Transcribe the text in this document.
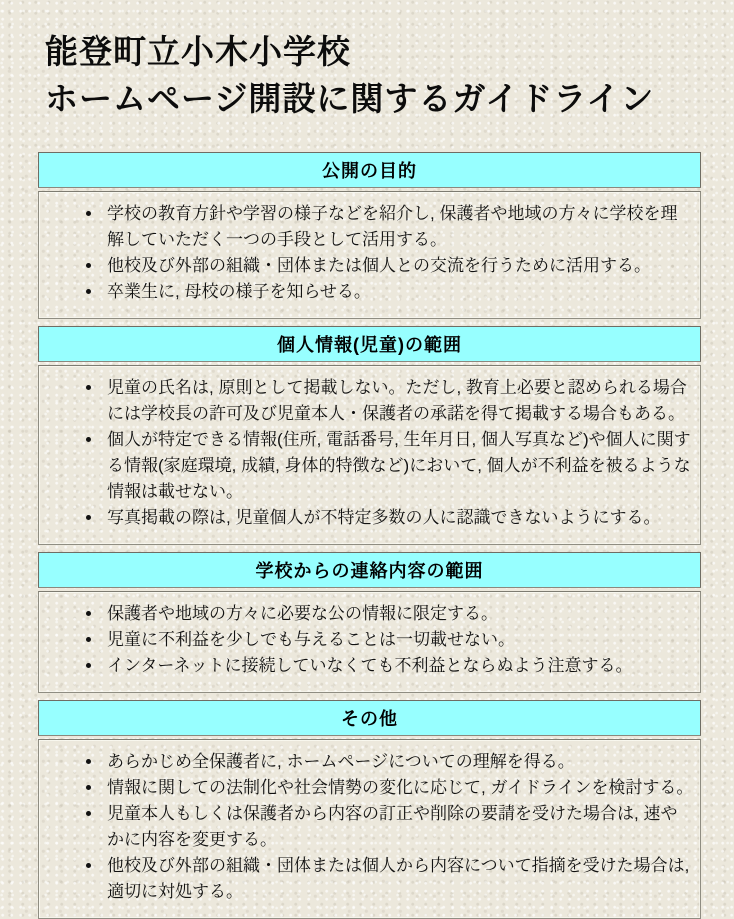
能登町立小木小学校
ホームページ開設に関するガイドライン
公開の目的
• 学校の教育方針や学習の様子などを紹介し, 保護者や地域の方々に学校を理解していただく一つの手段として活用する。
• 他校及び外部の組織・団体または個人との交流を行うために活用する。
• 卒業生に, 母校の様子を知らせる。
個人情報(児童)の範囲
• 児童の氏名は, 原則として掲載しない。ただし, 教育上必要と認められる場合には学校長の許可及び児童本人・保護者の承諾を得て掲載する場合もある。
• 個人が特定できる情報(住所, 電話番号, 生年月日, 個人写真など)や個人に関する情報(家庭環境, 成績, 身体的特徴など)において, 個人が不利益を被るような情報は載せない。
• 写真掲載の際は, 児童個人が不特定多数の人に認識できないようにする。
学校からの連絡内容の範囲
• 保護者や地域の方々に必要な公の情報に限定する。
• 児童に不利益を少しでも与えることは一切載せない。
• インターネットに接続していなくても不利益とならぬよう注意する。
その他
• あらかじめ全保護者に, ホームページについての理解を得る。
• 情報に関しての法制化や社会情勢の変化に応じて, ガイドラインを検討する。
• 児童本人もしくは保護者から内容の訂正や削除の要請を受けた場合は, 速やかに内容を変更する。
• 他校及び外部の組織・団体または個人から内容について指摘を受けた場合は, 適切に対処する。
